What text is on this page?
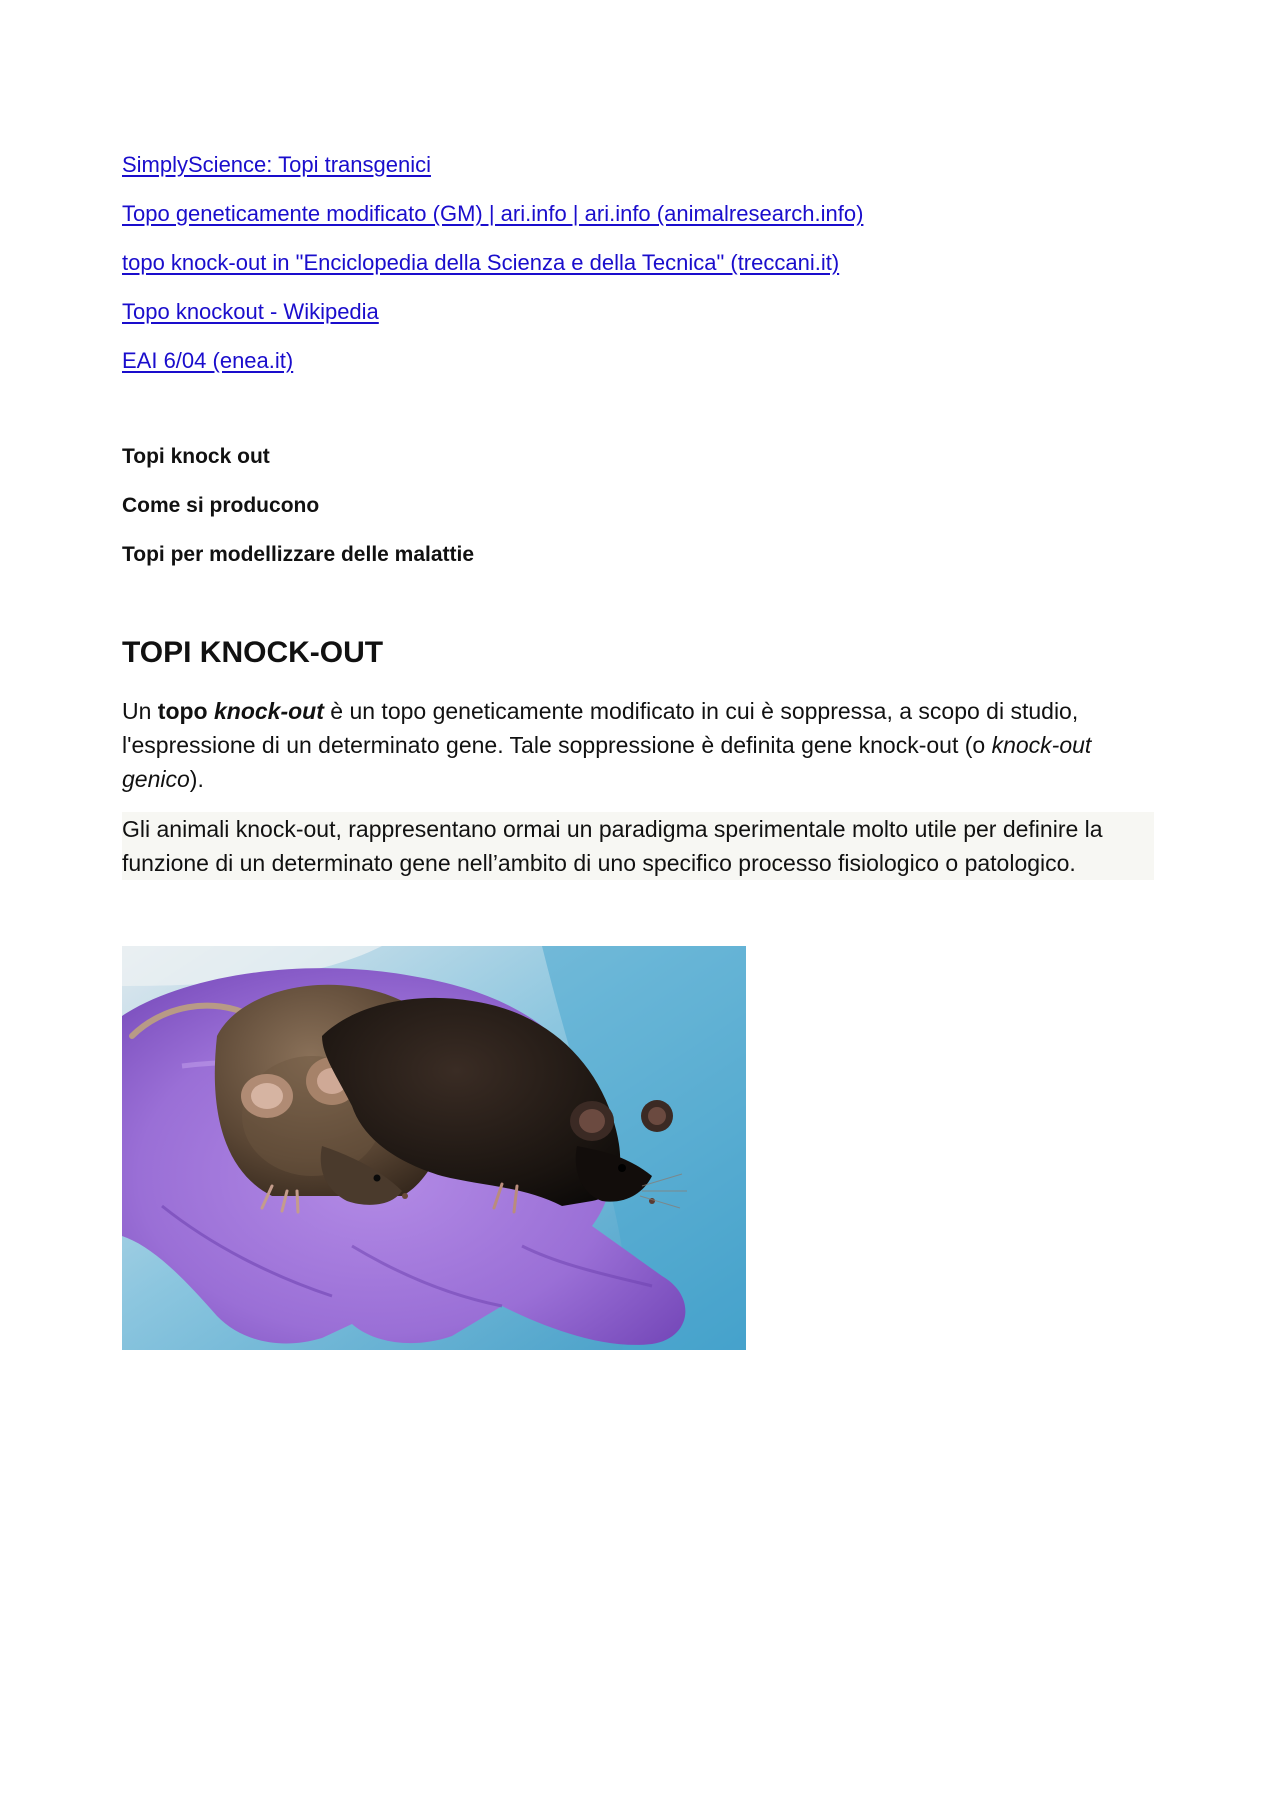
SimplyScience: Topi transgenici
Topo geneticamente modificato (GM) | ari.info | ari.info (animalresearch.info)
topo knock-out in "Enciclopedia della Scienza e della Tecnica" (treccani.it)
Topo knockout - Wikipedia
EAI 6/04 (enea.it)
Topi knock out
Come si producono
Topi per modellizzare delle malattie
TOPI KNOCK-OUT

Un topo knock-out è un topo geneticamente modificato in cui è soppressa, a scopo di studio, l'espressione di un determinato gene. Tale soppressione è definita gene knock-out (o knock-out genico).

Gli animali knock-out, rappresentano ormai un paradigma sperimentale molto utile per definire la funzione di un determinato gene nell’ambito di uno specifico processo fisiologico o patologico.
